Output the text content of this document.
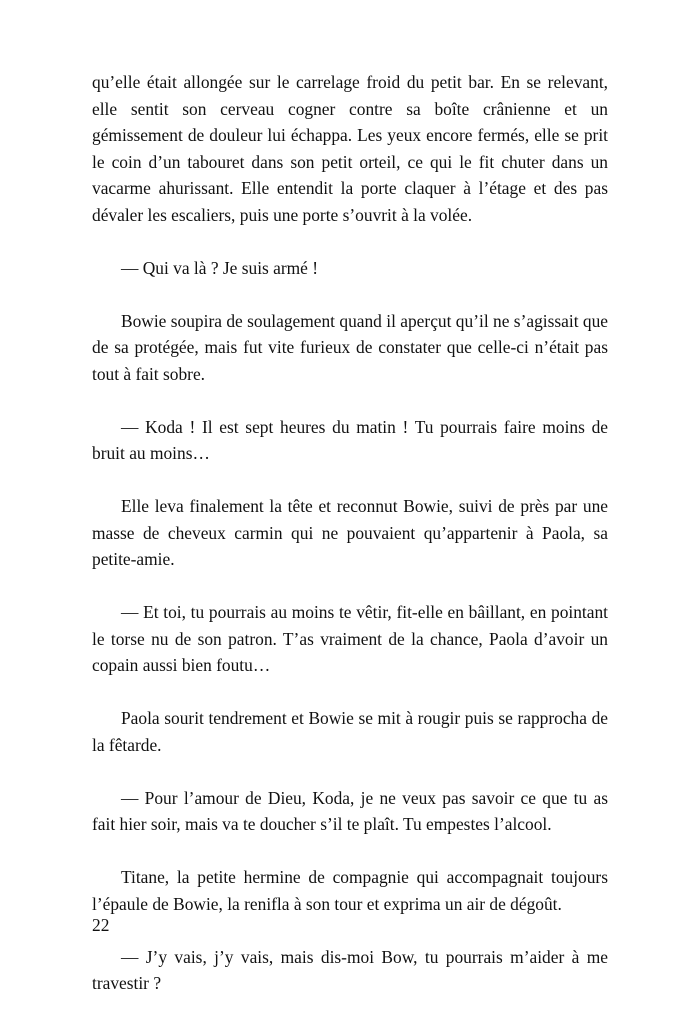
qu’elle était allongée sur le carrelage froid du petit bar. En se relevant, elle sentit son cerveau cogner contre sa boîte crânienne et un gémissement de douleur lui échappa. Les yeux encore fermés, elle se prit le coin d’un tabouret dans son petit orteil, ce qui le fit chuter dans un vacarme ahurissant. Elle entendit la porte claquer à l’étage et des pas dévaler les escaliers, puis une porte s’ouvrit à la volée.

— Qui va là ? Je suis armé !

Bowie soupira de soulagement quand il aperçut qu’il ne s’agissait que de sa protégée, mais fut vite furieux de constater que celle-ci n’était pas tout à fait sobre.

— Koda ! Il est sept heures du matin ! Tu pourrais faire moins de bruit au moins…

Elle leva finalement la tête et reconnut Bowie, suivi de près par une masse de cheveux carmin qui ne pouvaient qu’appartenir à Paola, sa petite-amie.

— Et toi, tu pourrais au moins te vêtir, fit-elle en bâillant, en pointant le torse nu de son patron. T’as vraiment de la chance, Paola d’avoir un copain aussi bien foutu…

Paola sourit tendrement et Bowie se mit à rougir puis se rapprocha de la fêtarde.

— Pour l’amour de Dieu, Koda, je ne veux pas savoir ce que tu as fait hier soir, mais va te doucher s’il te plaît. Tu empestes l’alcool.

Titane, la petite hermine de compagnie qui accompagnait toujours l’épaule de Bowie, la renifla à son tour et exprima un air de dégoût.

— J’y vais, j’y vais, mais dis-moi Bow, tu pourrais m’aider à me travestir ?

22
